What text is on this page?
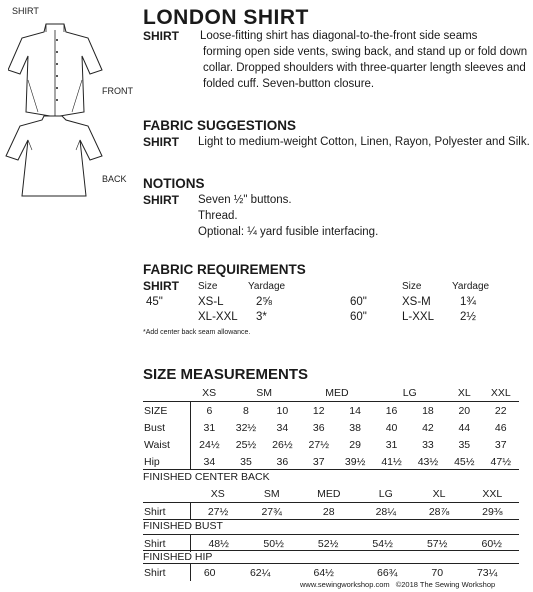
SHIRT
FRONT
BACK
LONDON SHIRT
SHIRT Loose-fitting shirt has diagonal-to-the-front side seams
forming open side vents, swing back, and stand up or fold down
collar. Dropped shoulders with three-quarter length sleeves and
folded cuff. Seven-button closure.
FABRIC SUGGESTIONS
SHIRT Light to medium-weight Cotton, Linen, Rayon, Polyester and Silk.
NOTIONS
SHIRT Seven ½" buttons.
Thread.
Optional: ¼ yard fusible interfacing.
FABRIC REQUIREMENTS
SHIRT Size	Yardage	Size	Yardage
45"	XS-L	2⅝
XL-XXL 3*
60"	XS-M	1¾
60"	L-XXL 2½
*Add center back seam allowance.
SIZE MEASUREMENTS
	XS	SM		MED		LG		XL	XXL
SIZE	6	8	10	12	14	16	18	20	22
Bust	31	32½	34	36	38	40	42	44	46
Waist	24½	25½	26½	27½	29	31	33	35	37
Hip	34	35	36	37	39½	41½	43½	45½	47½
FINISHED CENTER BACK
	XS	SM	MED	LG	XL	XXL
Shirt	27½	27¾	28	28¼	28⅞	29⅜
FINISHED BUST
Shirt	48½	50½	52½	54½	57½	60½
FINISHED HIP
Shirt	60	62¼	64½	66¾	70	73¼
www.sewingworkshop.com ©2018 The Sewing Workshop
